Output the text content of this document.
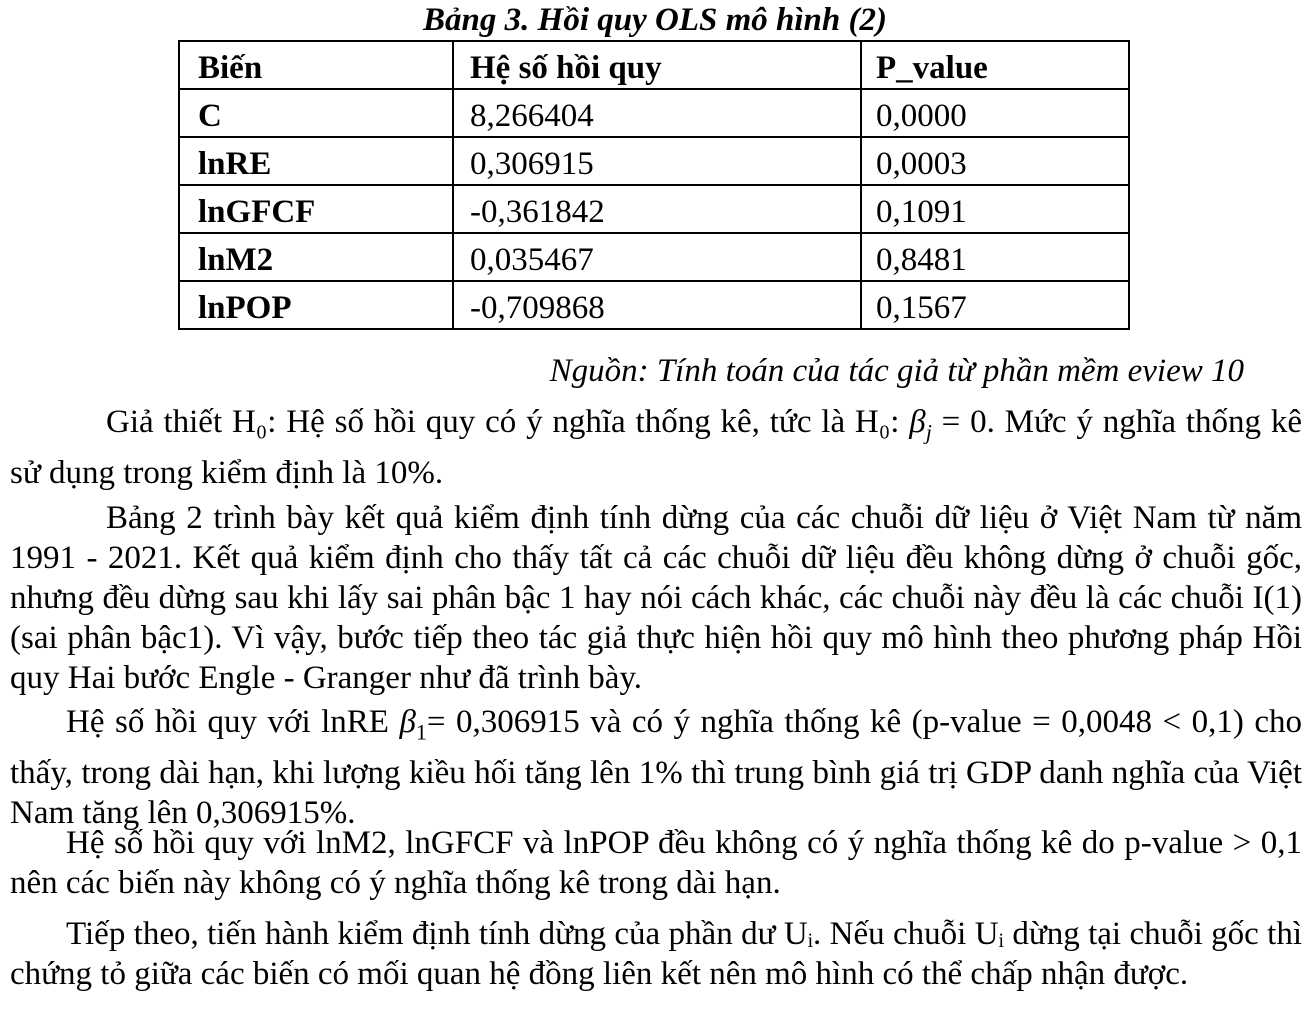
Bảng 3. Hồi quy OLS mô hình (2)
Biến	Hệ số hồi quy	P_value
C	8,266404	0,0000
lnRE	0,306915	0,0003
lnGFCF	-0,361842	0,1091
lnM2	0,035467	0,8481
lnPOP	-0,709868	0,1567
Nguồn: Tính toán của tác giả từ phần mềm eview 10

Giả thiết H₀: Hệ số hồi quy có ý nghĩa thống kê, tức là H₀: $\beta_j = 0$. Mức ý nghĩa thống kê sử dụng trong kiểm định là 10%.

Bảng 2 trình bày kết quả kiểm định tính dừng của các chuỗi dữ liệu ở Việt Nam từ năm 1991 - 2021. Kết quả kiểm định cho thấy tất cả các chuỗi dữ liệu đều không dừng ở chuỗi gốc, nhưng đều dừng sau khi lấy sai phân bậc 1 hay nói cách khác, các chuỗi này đều là các chuỗi I(1) (sai phân bậc1). Vì vậy, bước tiếp theo tác giả thực hiện hồi quy mô hình theo phương pháp Hồi quy Hai bước Engle - Granger như đã trình bày.

Hệ số hồi quy với lnRE $\beta_1= 0,306915$ và có ý nghĩa thống kê (p-value = 0,0048 < 0,1) cho thấy, trong dài hạn, khi lượng kiều hối tăng lên 1% thì trung bình giá trị GDP danh nghĩa của Việt Nam tăng lên 0,306915%.

Hệ số hồi quy với lnM2, lnGFCF và lnPOP đều không có ý nghĩa thống kê do p-value > 0,1 nên các biến này không có ý nghĩa thống kê trong dài hạn.

Tiếp theo, tiến hành kiểm định tính dừng của phần dư Uᵢ. Nếu chuỗi Uᵢ dừng tại chuỗi gốc thì chứng tỏ giữa các biến có mối quan hệ đồng liên kết nên mô hình có thể chấp nhận được.
